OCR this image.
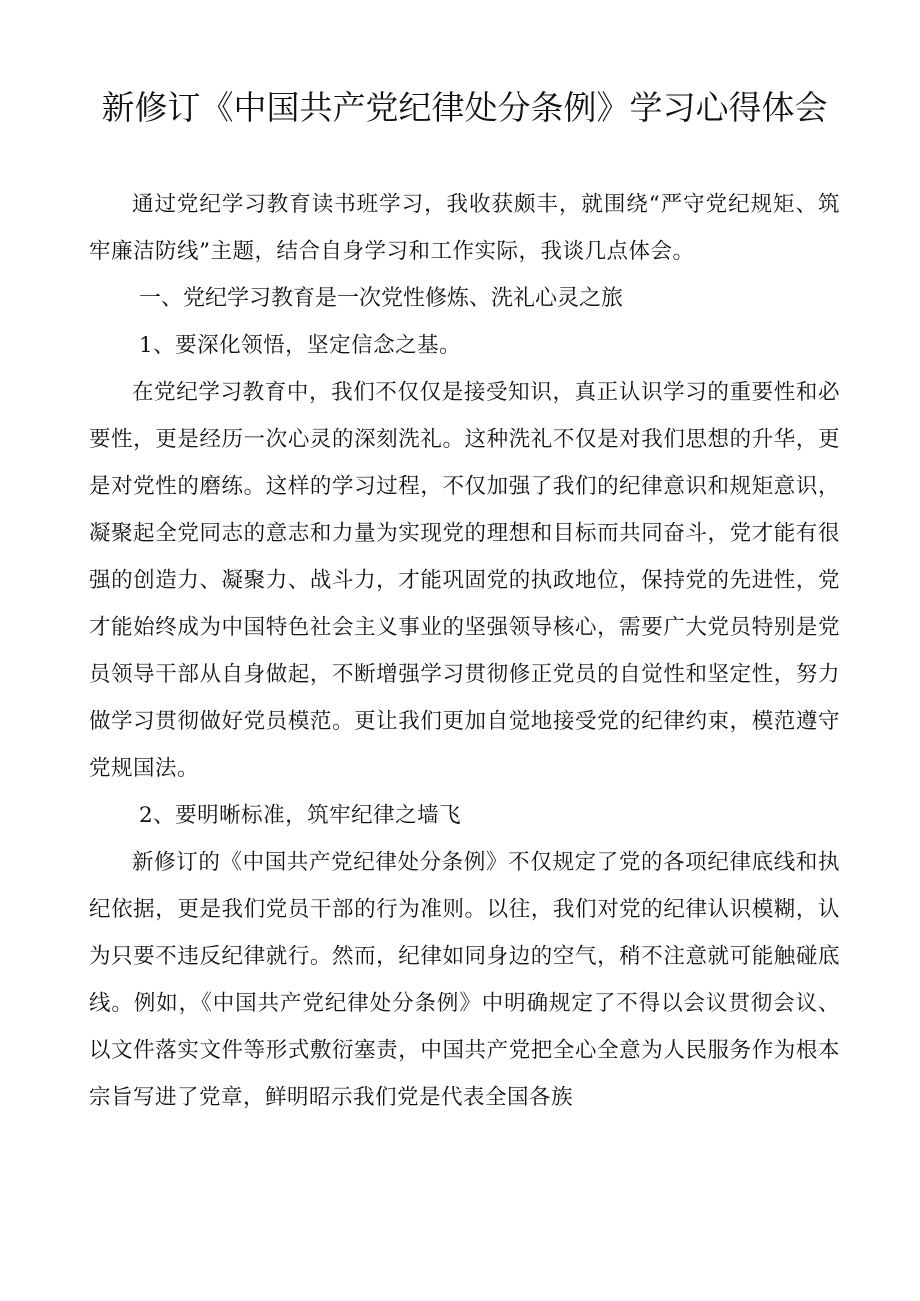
新修订《中国共产党纪律处分条例》学习心得体会

通过党纪学习教育读书班学习，我收获颇丰，就围绕“严守党纪规矩、筑牢廉洁防线”主题，结合自身学习和工作实际，我谈几点体会。

一、党纪学习教育是一次党性修炼、洗礼心灵之旅

1、要深化领悟，坚定信念之基。

在党纪学习教育中，我们不仅仅是接受知识，真正认识学习的重要性和必要性，更是经历一次心灵的深刻洗礼。这种洗礼不仅是对我们思想的升华，更是对党性的磨练。这样的学习过程，不仅加强了我们的纪律意识和规矩意识，凝聚起全党同志的意志和力量为实现党的理想和目标而共同奋斗，党才能有很强的创造力、凝聚力、战斗力，才能巩固党的执政地位，保持党的先进性，党才能始终成为中国特色社会主义事业的坚强领导核心，需要广大党员特别是党员领导干部从自身做起，不断增强学习贯彻修正党员的自觉性和坚定性，努力做学习贯彻做好党员模范。更让我们更加自觉地接受党的纪律约束，模范遵守党规国法。

2、要明晰标准，筑牢纪律之墙飞

新修订的《中国共产党纪律处分条例》不仅规定了党的各项纪律底线和执纪依据，更是我们党员干部的行为准则。以往，我们对党的纪律认识模糊，认为只要不违反纪律就行。然而，纪律如同身边的空气，稍不注意就可能触碰底线。例如，《中国共产党纪律处分条例》中明确规定了不得以会议贯彻会议、以文件落实文件等形式敷衍塞责，中国共产党把全心全意为人民服务作为根本宗旨写进了党章，鲜明昭示我们党是代表全国各族
